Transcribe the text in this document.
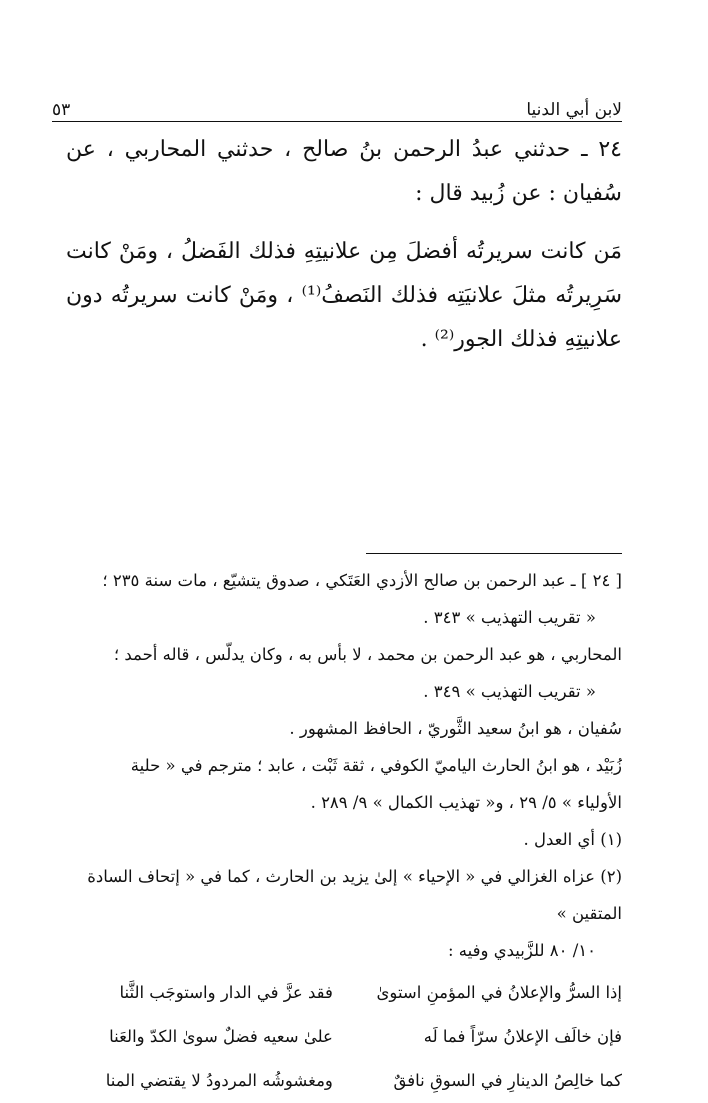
لابن أبي الدنيا
٥٣

٢٤ ـ حدثني عبدُ الرحمن بنُ صالح ، حدثني المحاربي ، عن سُفيان : عن زُبيد قال :

مَن كانت سريرتُه أفضلَ مِن علانيتِهِ فذلك الفَضلُ ، ومَنْ كانت سَرِيرتُه مثلَ علانيَتِه فذلك النَصفُ⁽¹⁾ ، ومَنْ كانت سريرتُه دون علانيتِهِ فذلك الجور⁽²⁾ .

[ ٢٤ ] ـ عبد الرحمن بن صالح الأزدي العَتَكي ، صدوق يتشيّع ، مات سنة ٢٣٥ ؛

« تقريب التهذيب » ٣٤٣ .

المحاربي ، هو عبد الرحمن بن محمد ، لا بأس به ، وكان يدلّس ، قاله أحمد ؛

« تقريب التهذيب » ٣٤٩ .

سُفيان ، هو ابنُ سعيد الثَّوريّ ، الحافظ المشهور .

زُبَيْد ، هو ابنُ الحارث الياميّ الكوفي ، ثقة ثَبْت ، عابد ؛ مترجم في « حلية

الأولياء » ٥/ ٢٩ ، و« تهذيب الكمال » ٩/ ٢٨٩ .

(١) أي العدل .

(٢) عزاه الغزالي في « الإحياء » إلىٰ يزيد بن الحارث ، كما في « إتحاف السادة المتقين »

١٠/ ٨٠ للزَّبيدي وفيه :

إذا السرُّ والإعلانُ في المؤمنِ استوىٰ
فقد عزَّ في الدار واستوجَب الثَّنا
فإن خالَف الإعلانُ سرّاً فما لَه
علىٰ سعيه فضلٌ سوىٰ الكدّ والعَنا
كما خالِصُ الدينارِ في السوقِ نافقٌ
ومغشوشُه المردودُ لا يقتضي المنا
